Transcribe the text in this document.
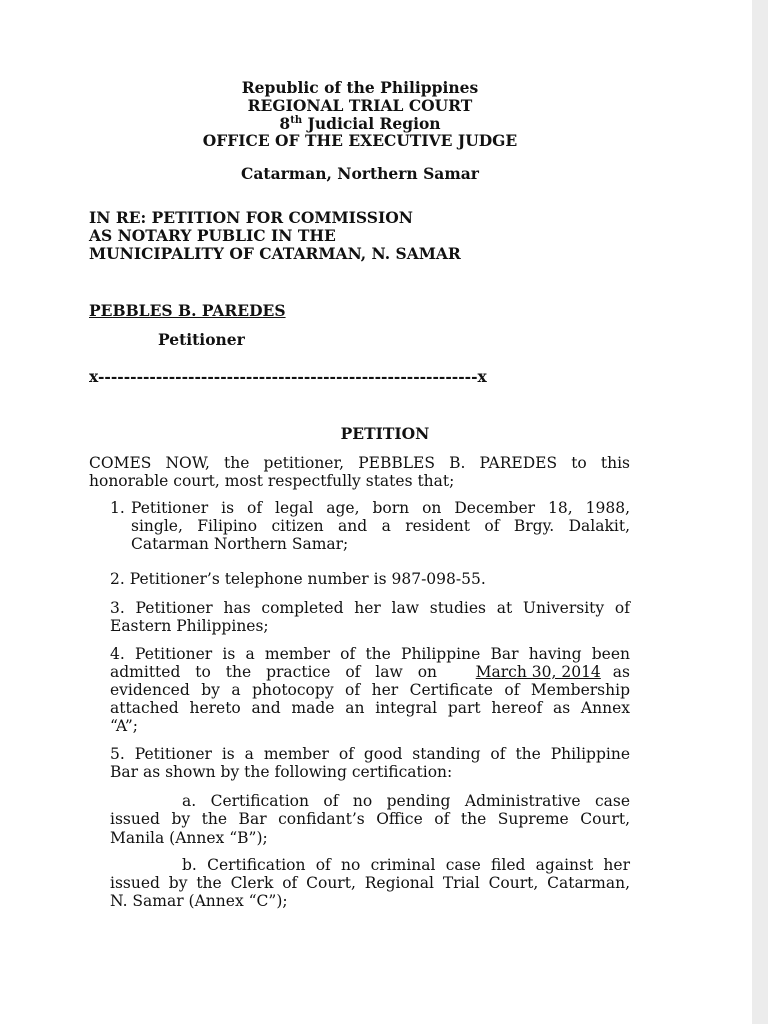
Republic of the Philippines
REGIONAL TRIAL COURT
8th Judicial Region
OFFICE OF THE EXECUTIVE JUDGE
Catarman, Northern Samar
IN RE: PETITION FOR COMMISSION
AS NOTARY PUBLIC IN THE
MUNICIPALITY OF CATARMAN, N. SAMAR
PEBBLES B. PAREDES
Petitioner
x-----------------------------------------------------------x
PETITION
COMES NOW, the petitioner, PEBBLES B. PAREDES to this
honorable court, most respectfully states that;
1. Petitioner is of legal age, born on December 18, 1988,
single, Filipino citizen and a resident of Brgy. Dalakit,
Catarman Northern Samar;
2. Petitioner’s telephone number is 987-098-55.
3. Petitioner has completed her law studies at University of
Eastern Philippines;
4. Petitioner is a member of the Philippine Bar having been
admitted to the practice of law on	March 30, 2014 as
evidenced by a photocopy of her Certificate of Membership
attached hereto and made an integral part hereof as Annex
“A”;
5. Petitioner is a member of good standing of the Philippine
Bar as shown by the following certification:
a. Certification of no pending Administrative case
issued by the Bar confidant’s Office of the Supreme Court,
Manila (Annex “B”);
b. Certification of no criminal case filed against her
issued by the Clerk of Court, Regional Trial Court, Catarman,
N. Samar (Annex “C”);
